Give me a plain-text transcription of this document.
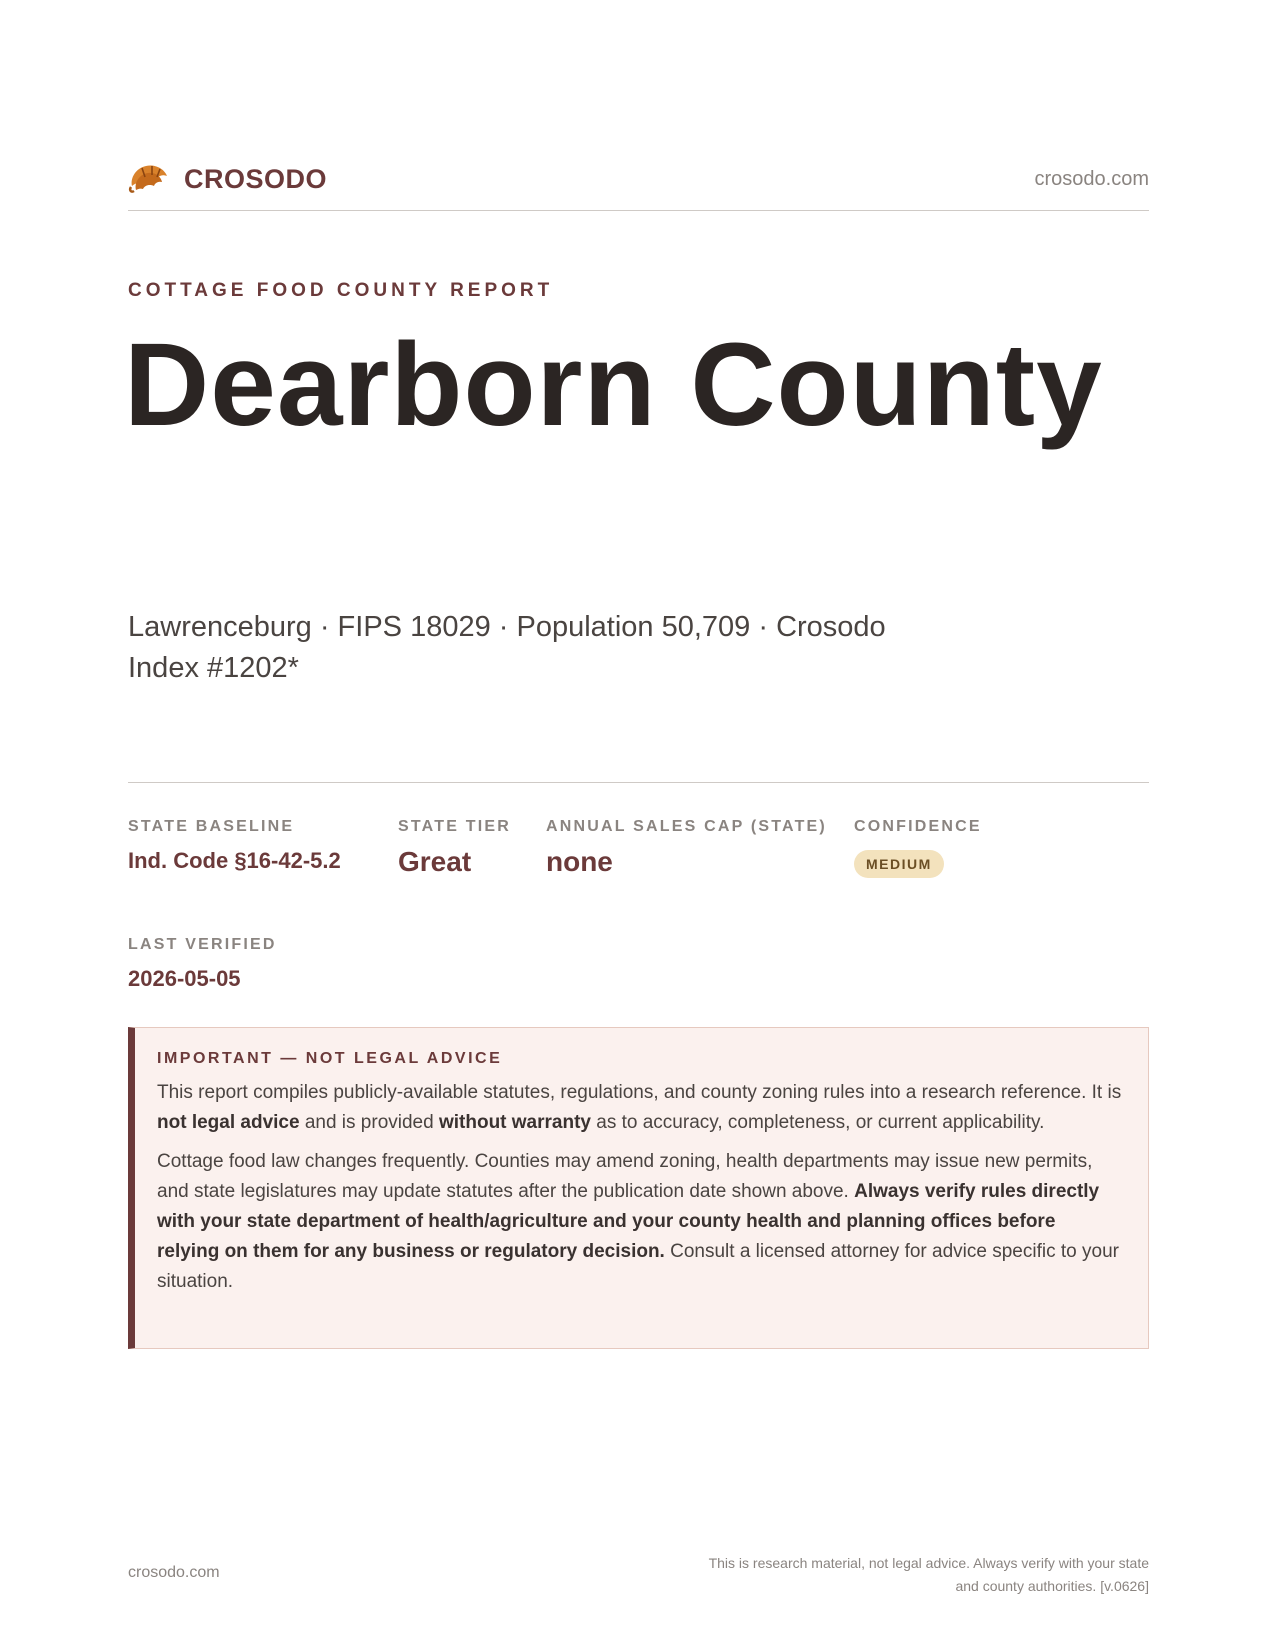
CROSODO	crosodo.com
COTTAGE FOOD COUNTY REPORT
Dearborn County
Lawrenceburg · FIPS 18029 · Population 50,709 · Crosodo Index #1202*
STATE BASELINE
Ind. Code §16-42-5.2
STATE TIER
Great
ANNUAL SALES CAP (STATE)
none
CONFIDENCE
MEDIUM
LAST VERIFIED
2026-05-05
IMPORTANT — NOT LEGAL ADVICE

This report compiles publicly-available statutes, regulations, and county zoning rules into a research reference. It is not legal advice and is provided without warranty as to accuracy, completeness, or current applicability.

Cottage food law changes frequently. Counties may amend zoning, health departments may issue new permits, and state legislatures may update statutes after the publication date shown above. Always verify rules directly with your state department of health/agriculture and your county health and planning offices before relying on them for any business or regulatory decision. Consult a licensed attorney for advice specific to your situation.

crosodo.com
This is research material, not legal advice. Always verify with your state
and county authorities. [v.0626]
